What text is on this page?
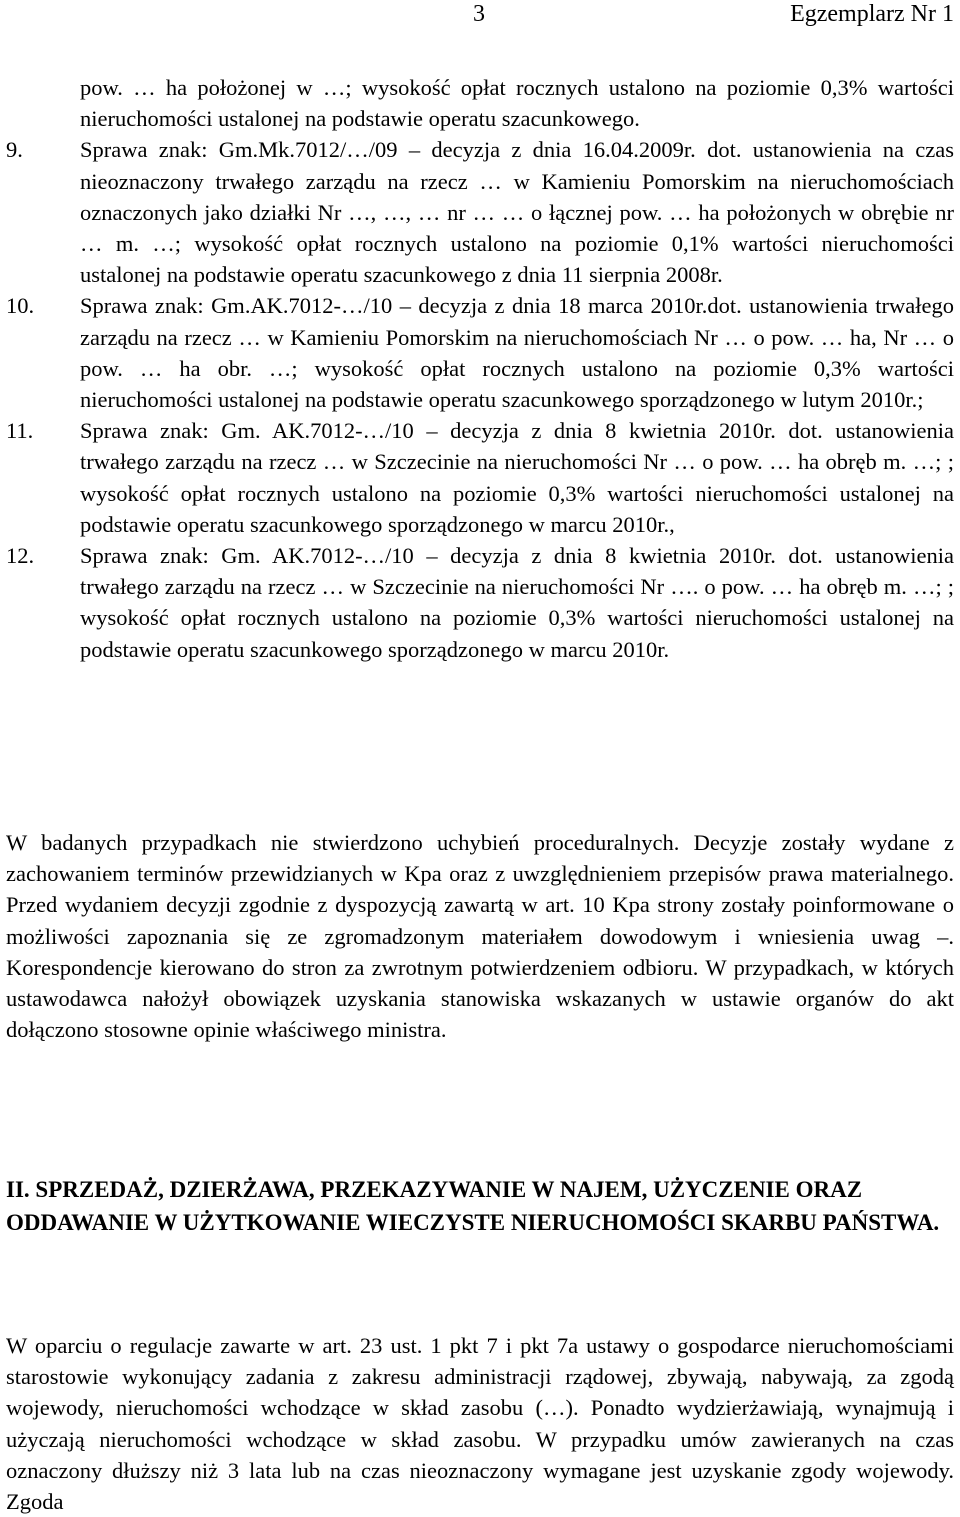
3	Egzemplarz Nr 1
pow. … ha położonej w …; wysokość opłat rocznych ustalono na poziomie 0,3% wartości nieruchomości ustalonej na podstawie operatu szacunkowego.
9.	Sprawa znak: Gm.Mk.7012/…/09 – decyzja z dnia 16.04.2009r. dot. ustanowienia na czas nieoznaczony trwałego zarządu na rzecz … w Kamieniu Pomorskim na nieruchomościach oznaczonych jako działki Nr …, …, … nr … … o łącznej pow. … ha położonych w obrębie nr … m. …; wysokość opłat rocznych ustalono na poziomie 0,1% wartości nieruchomości ustalonej na podstawie operatu szacunkowego z dnia 11 sierpnia 2008r.
10.	Sprawa znak: Gm.AK.7012-…/10 – decyzja z dnia 18 marca 2010r.dot. ustanowienia trwałego zarządu na rzecz … w Kamieniu Pomorskim na nieruchomościach Nr … o pow. … ha, Nr … o pow. … ha obr. …; wysokość opłat rocznych ustalono na poziomie 0,3% wartości nieruchomości ustalonej na podstawie operatu szacunkowego sporządzonego w lutym 2010r.;
11.	Sprawa znak: Gm. AK.7012-…/10 – decyzja z dnia 8 kwietnia 2010r. dot. ustanowienia trwałego zarządu na rzecz … w Szczecinie na nieruchomości Nr … o pow. … ha obręb m. …; ; wysokość opłat rocznych ustalono na poziomie 0,3% wartości nieruchomości ustalonej na podstawie operatu szacunkowego sporządzonego w marcu 2010r.,
12.	Sprawa znak: Gm. AK.7012-…/10 – decyzja z dnia 8 kwietnia 2010r. dot. ustanowienia trwałego zarządu na rzecz … w Szczecinie na nieruchomości Nr …. o pow. … ha obręb m. …; ; wysokość opłat rocznych ustalono na poziomie 0,3% wartości nieruchomości ustalonej na podstawie operatu szacunkowego sporządzonego w marcu 2010r.

W badanych przypadkach nie stwierdzono uchybień proceduralnych. Decyzje zostały wydane z zachowaniem terminów przewidzianych w Kpa oraz z uwzględnieniem przepisów prawa materialnego. Przed wydaniem decyzji zgodnie z dyspozycją zawartą w art. 10 Kpa strony zostały poinformowane o możliwości zapoznania się ze zgromadzonym materiałem dowodowym i wniesienia uwag –. Korespondencje kierowano do stron za zwrotnym potwierdzeniem odbioru. W przypadkach, w których ustawodawca nałożył obowiązek uzyskania stanowiska wskazanych w ustawie organów do akt dołączono stosowne opinie właściwego ministra.

II. SPRZEDAŻ, DZIERŻAWA, PRZEKAZYWANIE W NAJEM, UŻYCZENIE ORAZ ODDAWANIE W UŻYTKOWANIE WIECZYSTE NIERUCHOMOŚCI SKARBU PAŃSTWA.

W oparciu o regulacje zawarte w art. 23 ust. 1 pkt 7 i pkt 7a ustawy o gospodarce nieruchomościami starostowie wykonujący zadania z zakresu administracji rządowej, zbywają, nabywają, za zgodą wojewody, nieruchomości wchodzące w skład zasobu (…). Ponadto wydzierżawiają, wynajmują i użyczają nieruchomości wchodzące w skład zasobu. W przypadku umów zawieranych na czas oznaczony dłuższy niż 3 lata lub na czas nieoznaczony wymagane jest uzyskanie zgody wojewody. Zgoda
